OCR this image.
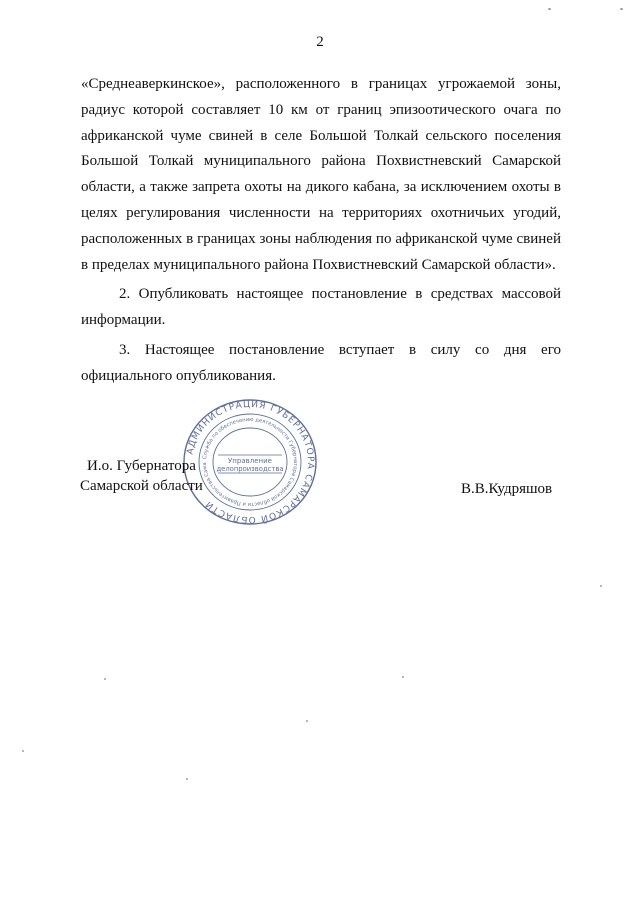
2

«Среднеаверкинское», расположенного в границах угрожаемой зоны, радиус которой составляет 10 км от границ эпизоотического очага по африканской чуме свиней в селе Большой Толкай сельского поселения Большой Толкай муниципального района Похвистневский Самарской области, а также запрета охоты на дикого кабана, за исключением охоты в целях регулирования численности на территориях охотничьих угодий, расположенных в границах зоны наблюдения по африканской чуме свиней в пределах муниципального района Похвистневский Самарской области».

2. Опубликовать настоящее постановление в средствах массовой информации.

3. Настоящее постановление вступает в силу со дня его официального опубликования.

АДМИНИСТРАЦИЯ ГУБЕРНАТОРА САМАРСКОЙ ОБЛАСТИ
Служба по обеспечению деятельности Губернатора Самарской области и Правительства Сама	Управление
делопроизводства
И.о. Губернатора
Самарской области	В.В.Кудряшов
